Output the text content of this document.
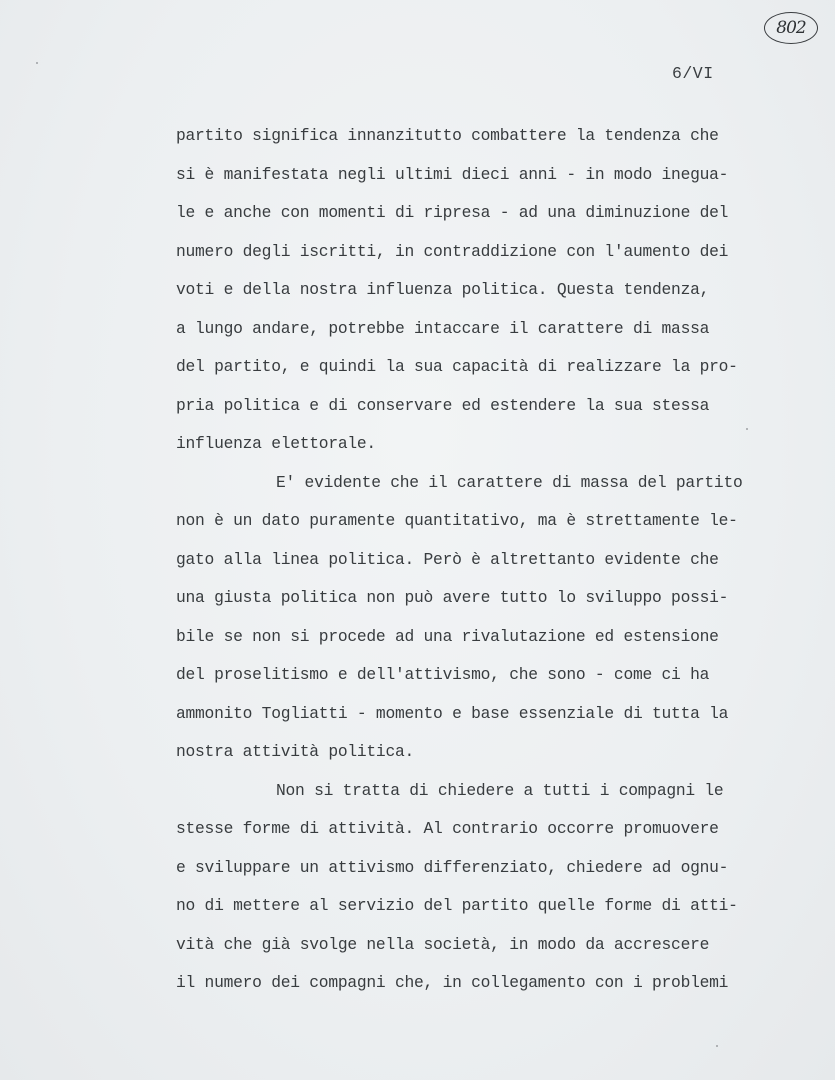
802
6/VI
partito significa innanzitutto combattere la tendenza che
si è manifestata negli ultimi dieci anni - in modo inegua-
le e anche con momenti di ripresa - ad una diminuzione del
numero degli iscritti, in contraddizione con l'aumento dei
voti e della nostra influenza politica. Questa tendenza,
a lungo andare, potrebbe intaccare il carattere di massa
del partito, e quindi la sua capacità di realizzare la pro-
pria politica e di conservare ed estendere la sua stessa
influenza elettorale.
E' evidente che il carattere di massa del partito
non è un dato puramente quantitativo, ma è strettamente le-
gato alla linea politica. Però è altrettanto evidente che
una giusta politica non può avere tutto lo sviluppo possi-
bile se non si procede ad una rivalutazione ed estensione
del proselitismo e dell'attivismo, che sono - come ci ha
ammonito Togliatti - momento e base essenziale di tutta la
nostra attività politica.
Non si tratta di chiedere a tutti i compagni le
stesse forme di attività. Al contrario occorre promuovere
e sviluppare un attivismo differenziato, chiedere ad ognu-
no di mettere al servizio del partito quelle forme di atti-
vità che già svolge nella società, in modo da accrescere
il numero dei compagni che, in collegamento con i problemi
